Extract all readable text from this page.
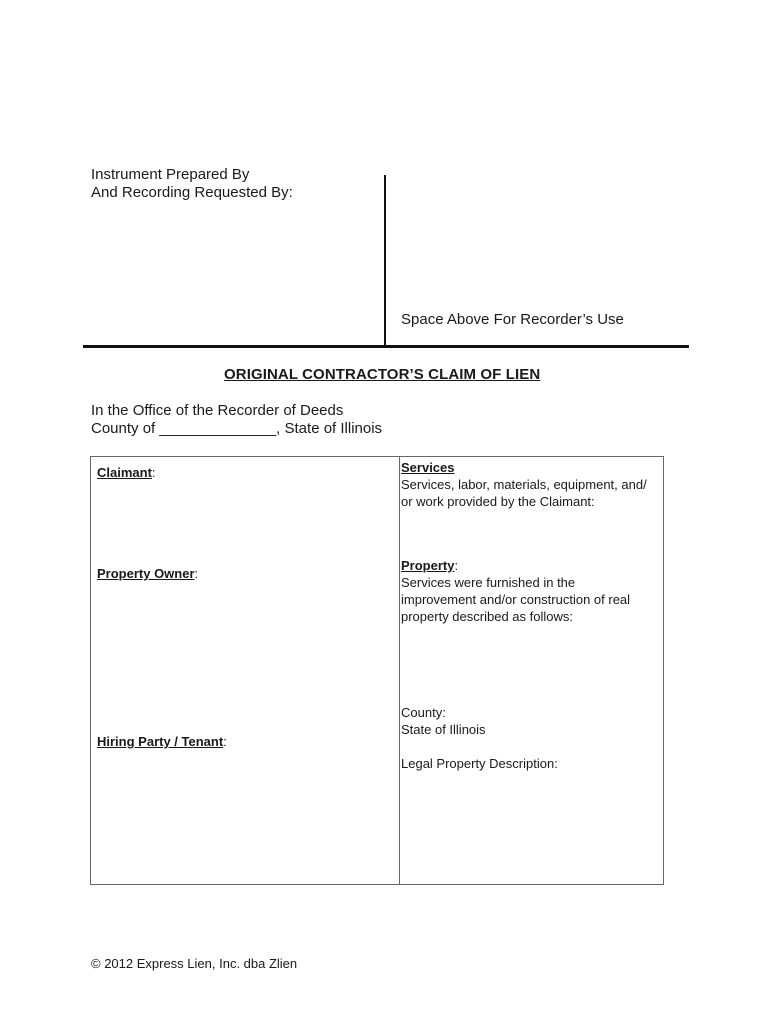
Instrument Prepared By
And Recording Requested By:
Space Above For Recorder’s Use
ORIGINAL CONTRACTOR’S CLAIM OF LIEN
In the Office of the Recorder of Deeds
County of ______________, State of Illinois
Claimant:
Property Owner:
Hiring Party / Tenant:
Services
Services, labor, materials, equipment, and/
or work provided by the Claimant:
Property:
Services were furnished in the
improvement and/or construction of real
property described as follows:
County:
State of Illinois
Legal Property Description:
© 2012 Express Lien, Inc. dba Zlien
